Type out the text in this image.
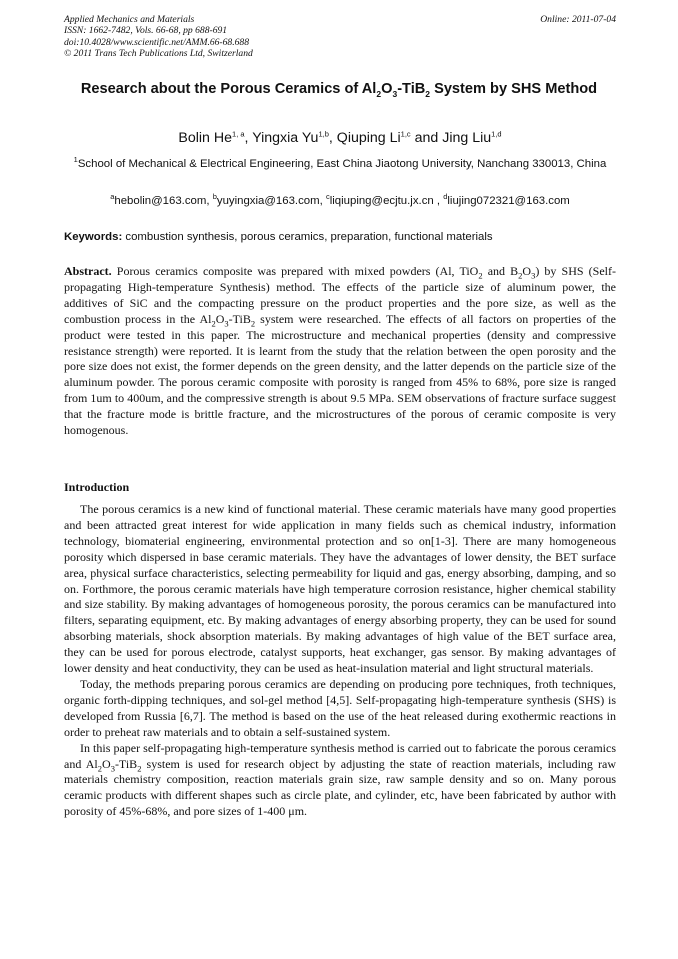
Applied Mechanics and Materials
ISSN: 1662-7482, Vols. 66-68, pp 688-691
doi:10.4028/www.scientific.net/AMM.66-68.688
© 2011 Trans Tech Publications Ltd, Switzerland
Online: 2011-07-04
Research about the Porous Ceramics of $Al_2O_3-TiB_2$ System by SHS Method
Bolin He$^{1, a}$, Yingxia Yu$^{1,b}$, Qiuping Li$^{1,c}$ and Jing Liu$^{1,d}$
$^1$School of Mechanical & Electrical Engineering, East China Jiaotong University, Nanchang 330013, China
$^a$hebolin@163.com, $^b$yuyingxia@163.com, $^c$liqiuping@ecjtu.jx.cn , $^d$liujing072321@163.com
Keywords: combustion synthesis, porous ceramics, preparation, functional materials
Abstract. Porous ceramics composite was prepared with mixed powders (Al, TiO$_2$ and $B_2O_3$) by SHS (Self-propagating High-temperature Synthesis) method. The effects of the particle size of aluminum power, the additives of SiC and the compacting pressure on the product properties and the pore size, as well as the combustion process in the $Al_2O_3-TiB_2$ system were researched. The effects of all factors on properties of the product were tested in this paper. The microstructure and mechanical properties (density and compressive resistance strength) were reported. It is learnt from the study that the relation between the open porosity and the pore size does not exist, the former depends on the green density, and the latter depends on the particle size of the aluminum powder. The porous ceramic composite with porosity is ranged from 45% to 68%, pore size is ranged from 1um to 400um, and the compressive strength is about 9.5 MPa. SEM observations of fracture surface suggest that the fracture mode is brittle fracture, and the microstructures of the porous of ceramic composite is very homogenous.
Introduction

The porous ceramics is a new kind of functional material. These ceramic materials have many good properties and been attracted great interest for wide application in many fields such as chemical industry, information technology, biomaterial engineering, environmental protection and so on[1-3]. There are many homogeneous porosity which dispersed in base ceramic materials. They have the advantages of lower density, the BET surface area, physical surface characteristics, selecting permeability for liquid and gas, energy absorbing, damping, and so on. Forthmore, the porous ceramic materials have high temperature corrosion resistance, higher chemical stability and size stability. By making advantages of homogeneous porosity, the porous ceramics can be manufactured into filters, separating equipment, etc. By making advantages of energy absorbing property, they can be used for sound absorbing materials, shock absorption materials. By making advantages of high value of the BET surface area, they can be used for porous electrode, catalyst supports, heat exchanger, gas sensor. By making advantages of lower density and heat conductivity, they can be used as heat-insulation material and light structural materials.

Today, the methods preparing porous ceramics are depending on producing pore techniques, froth techniques, organic forth-dipping techniques, and sol-gel method [4,5]. Self-propagating high-temperature synthesis (SHS) is developed from Russia [6,7]. The method is based on the use of the heat released during exothermic reactions in order to preheat raw materials and to obtain a self-sustained system.

In this paper self-propagating high-temperature synthesis method is carried out to fabricate the porous ceramics and $Al_2O_3-TiB_2$ system is used for research object by adjusting the state of reaction materials, including raw materials chemistry composition, reaction materials grain size, raw sample density and so on. Many porous ceramic products with different shapes such as circle plate, and cylinder, etc, have been fabricated by author with porosity of 45%-68%, and pore sizes of 1-400 μm.
